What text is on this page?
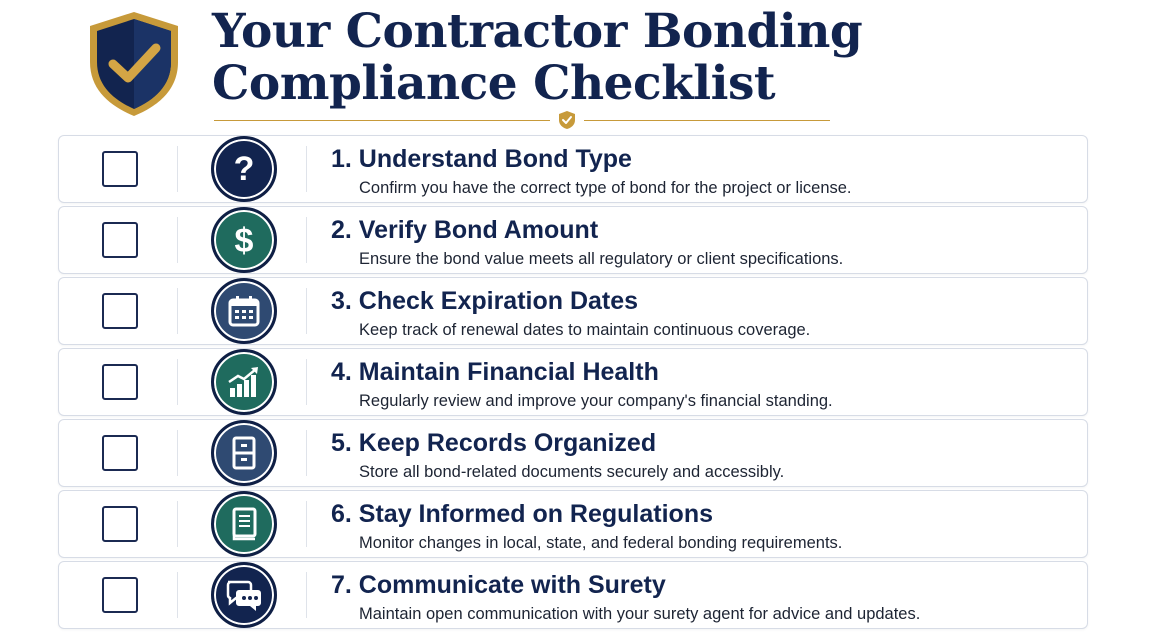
Your Contractor Bonding
Compliance Checklist
?	1. Understand Bond Type
Confirm you have the correct type of bond for the project or license.
$	2. Verify Bond Amount
Ensure the bond value meets all regulatory or client specifications.
3. Check Expiration Dates
Keep track of renewal dates to maintain continuous coverage.
4. Maintain Financial Health
Regularly review and improve your company's financial standing.
5. Keep Records Organized
Store all bond-related documents securely and accessibly.
6. Stay Informed on Regulations
Monitor changes in local, state, and federal bonding requirements.
7. Communicate with Surety
Maintain open communication with your surety agent for advice and updates.
